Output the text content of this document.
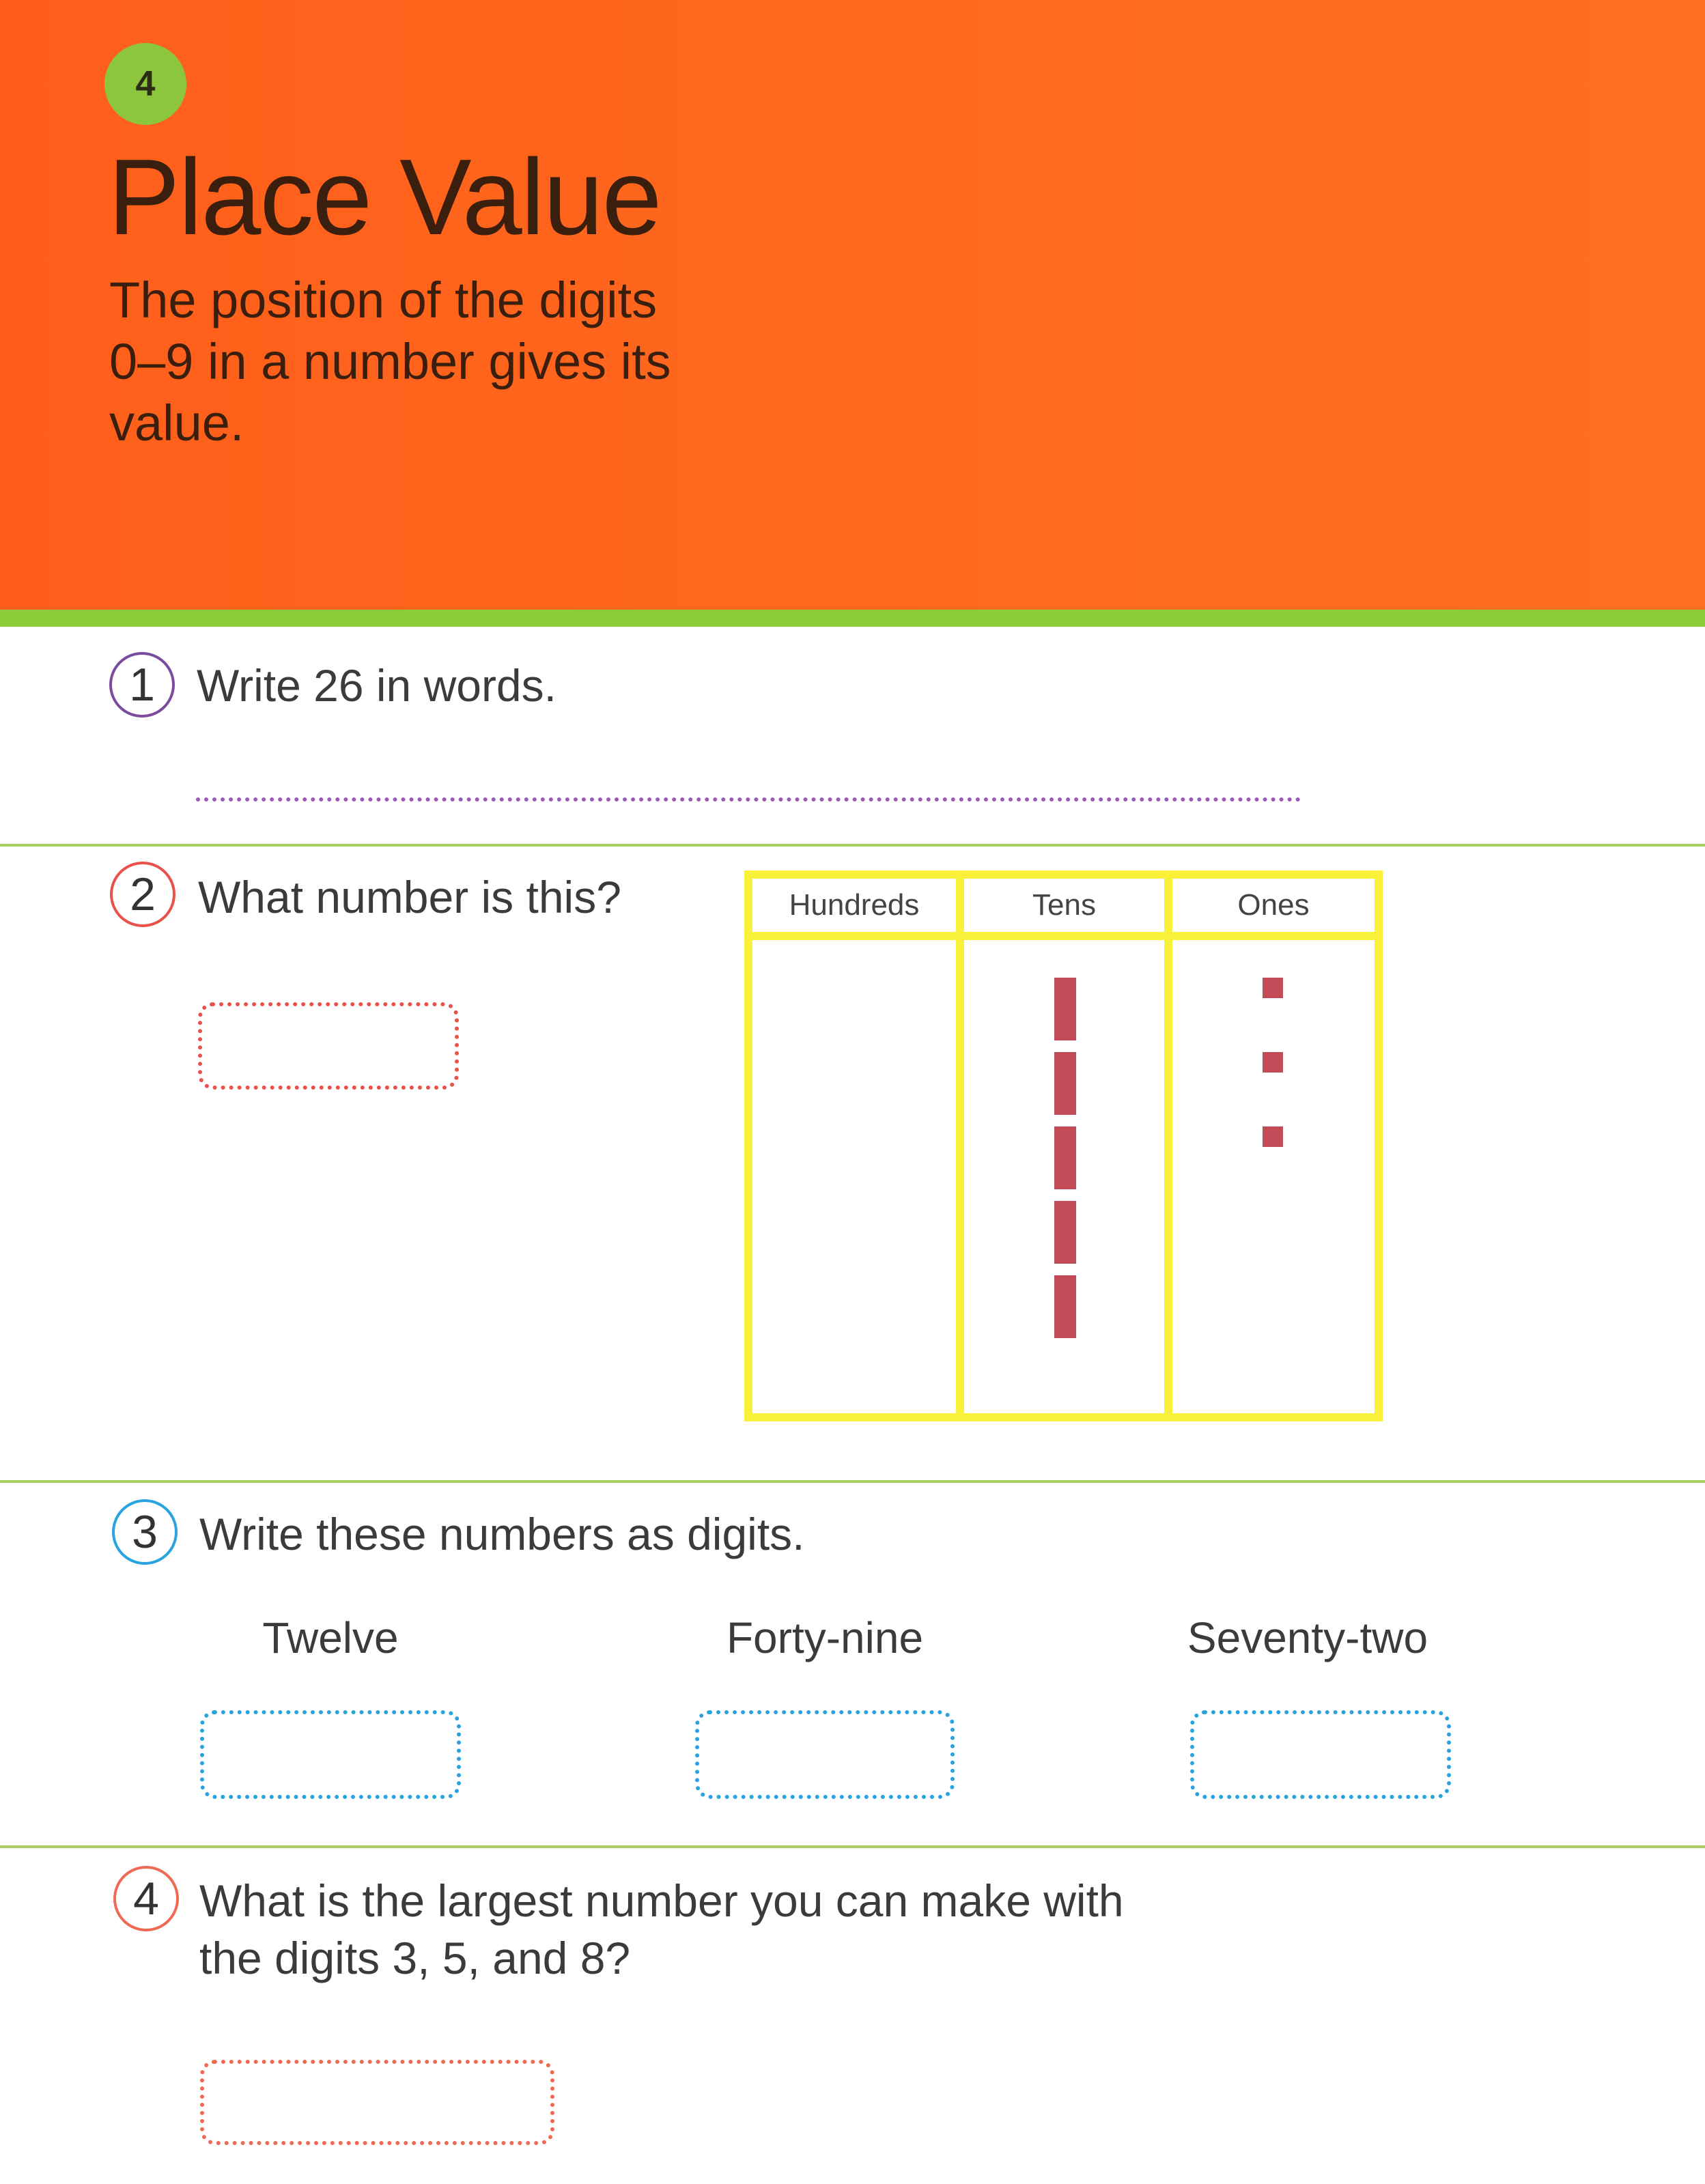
4
Place Value
The position of the digits 0–9 in a number gives its value.
1 Write 26 in words.
2 What number is this?	Hundreds	Tens	Ones
3 Write these numbers as digits.
Twelve	Forty-nine	Seventy-two
4 What is the largest number you can make with
the digits 3, 5, and 8?
